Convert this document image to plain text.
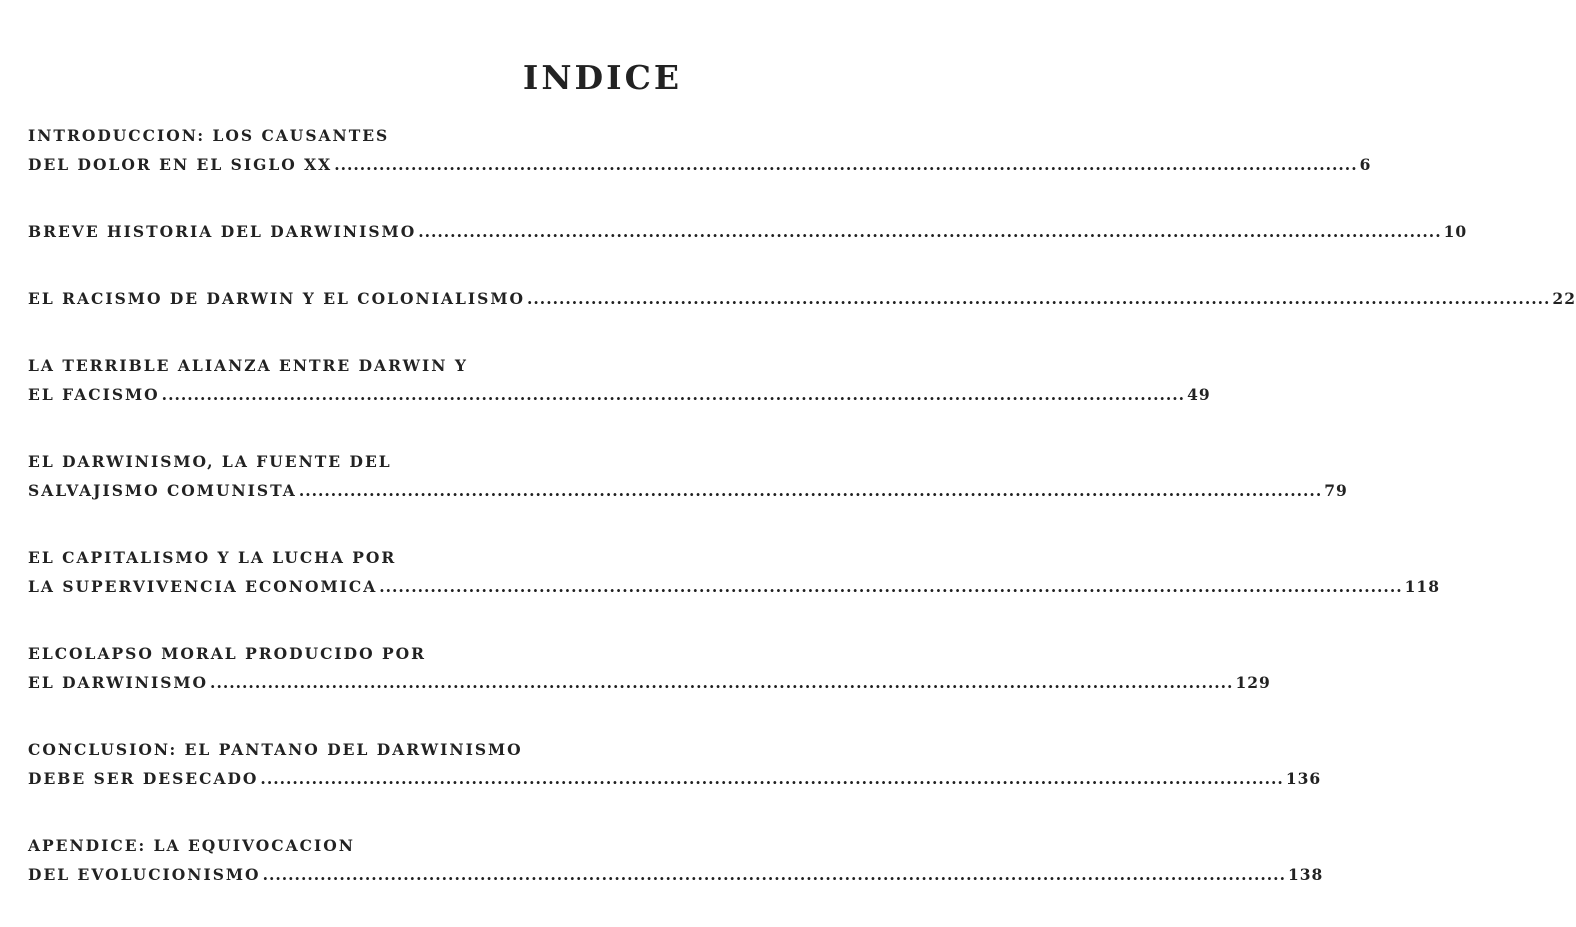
INDICE
INTRODUCCION: LOS CAUSANTES
DEL DOLOR EN EL SIGLO XX ................................................................................................................................................................ 6
BREVE HISTORIA DEL DARWINISMO ................................................................................................................................................................ 10
EL RACISMO DE DARWIN Y EL COLONIALISMO ................................................................................................................................................................ 22
LA TERRIBLE ALIANZA ENTRE DARWIN Y
EL FACISMO ................................................................................................................................................................ 49
EL DARWINISMO, LA FUENTE DEL
SALVAJISMO COMUNISTA ................................................................................................................................................................ 79
EL CAPITALISMO Y LA LUCHA POR
LA SUPERVIVENCIA ECONOMICA ................................................................................................................................................................ 118
ELCOLAPSO MORAL PRODUCIDO POR
EL DARWINISMO ................................................................................................................................................................ 129
CONCLUSION: EL PANTANO DEL DARWINISMO
DEBE SER DESECADO ................................................................................................................................................................ 136
APENDICE: LA EQUIVOCACION
DEL EVOLUCIONISMO ................................................................................................................................................................ 138
